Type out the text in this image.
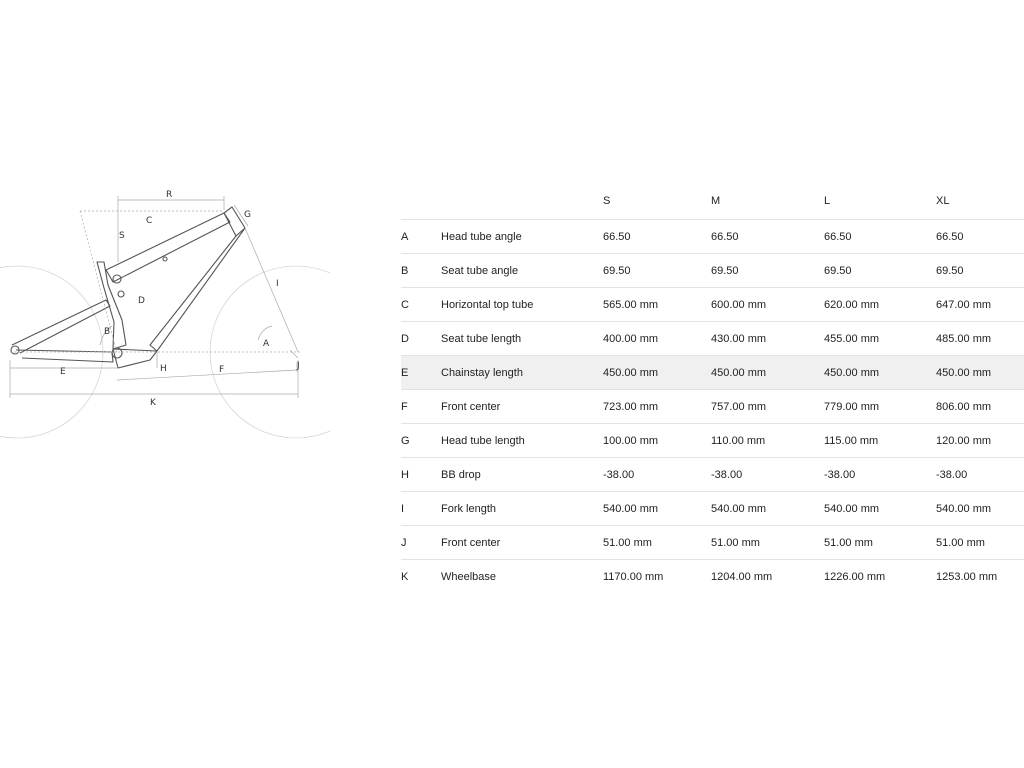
R
C
S
G
D
I
B
A
H	F	J
E
K
		S	M	L	XL
A	Head tube angle	66.50	66.50	66.50	66.50
B	Seat tube angle	69.50	69.50	69.50	69.50
C	Horizontal top tube	565.00 mm	600.00 mm	620.00 mm	647.00 mm
D	Seat tube length	400.00 mm	430.00 mm	455.00 mm	485.00 mm
E	Chainstay length	450.00 mm	450.00 mm	450.00 mm	450.00 mm
F	Front center	723.00 mm	757.00 mm	779.00 mm	806.00 mm
G	Head tube length	100.00 mm	110.00 mm	115.00 mm	120.00 mm
H	BB drop	-38.00	-38.00	-38.00	-38.00
I	Fork length	540.00 mm	540.00 mm	540.00 mm	540.00 mm
J	Front center	51.00 mm	51.00 mm	51.00 mm	51.00 mm
K	Wheelbase	1170.00 mm	1204.00 mm	1226.00 mm	1253.00 mm
